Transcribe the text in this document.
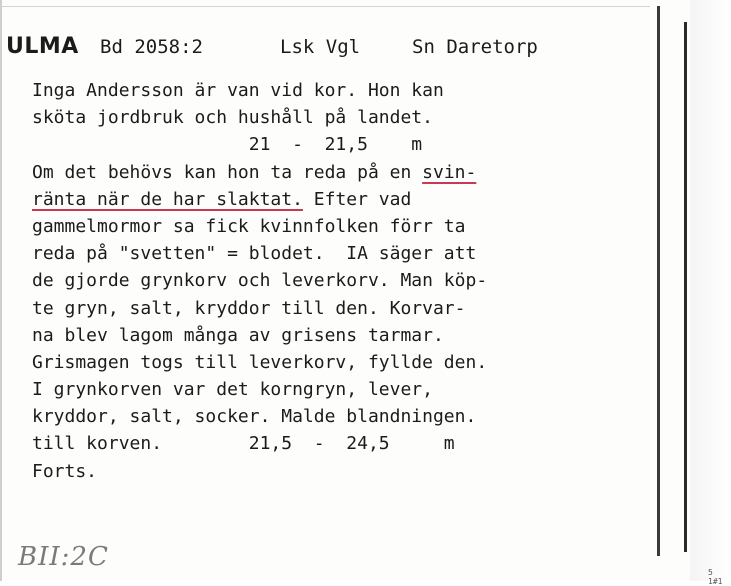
ULMA Bd 2058:2	Lsk Vgl	Sn Daretorp
Inga Andersson är van vid kor. Hon kan
sköta jordbruk och hushåll på landet.
21  -  21,5    m
Om det behövs kan hon ta reda på en svin-
ränta när de har slaktat. Efter vad
gammelmormor sa fick kvinnfolken förr ta
reda på "svetten" = blodet.  IA säger att
de gjorde grynkorv och leverkorv. Man köp-
te gryn, salt, kryddor till den. Korvar-
na blev lagom många av grisens tarmar.
Grismagen togs till leverkorv, fyllde den.
I grynkorven var det korngryn, lever,
kryddor, salt, socker. Malde blandningen.
till korven.        21,5  -  24,5     m
Forts.
BII:2C
5 1#1
